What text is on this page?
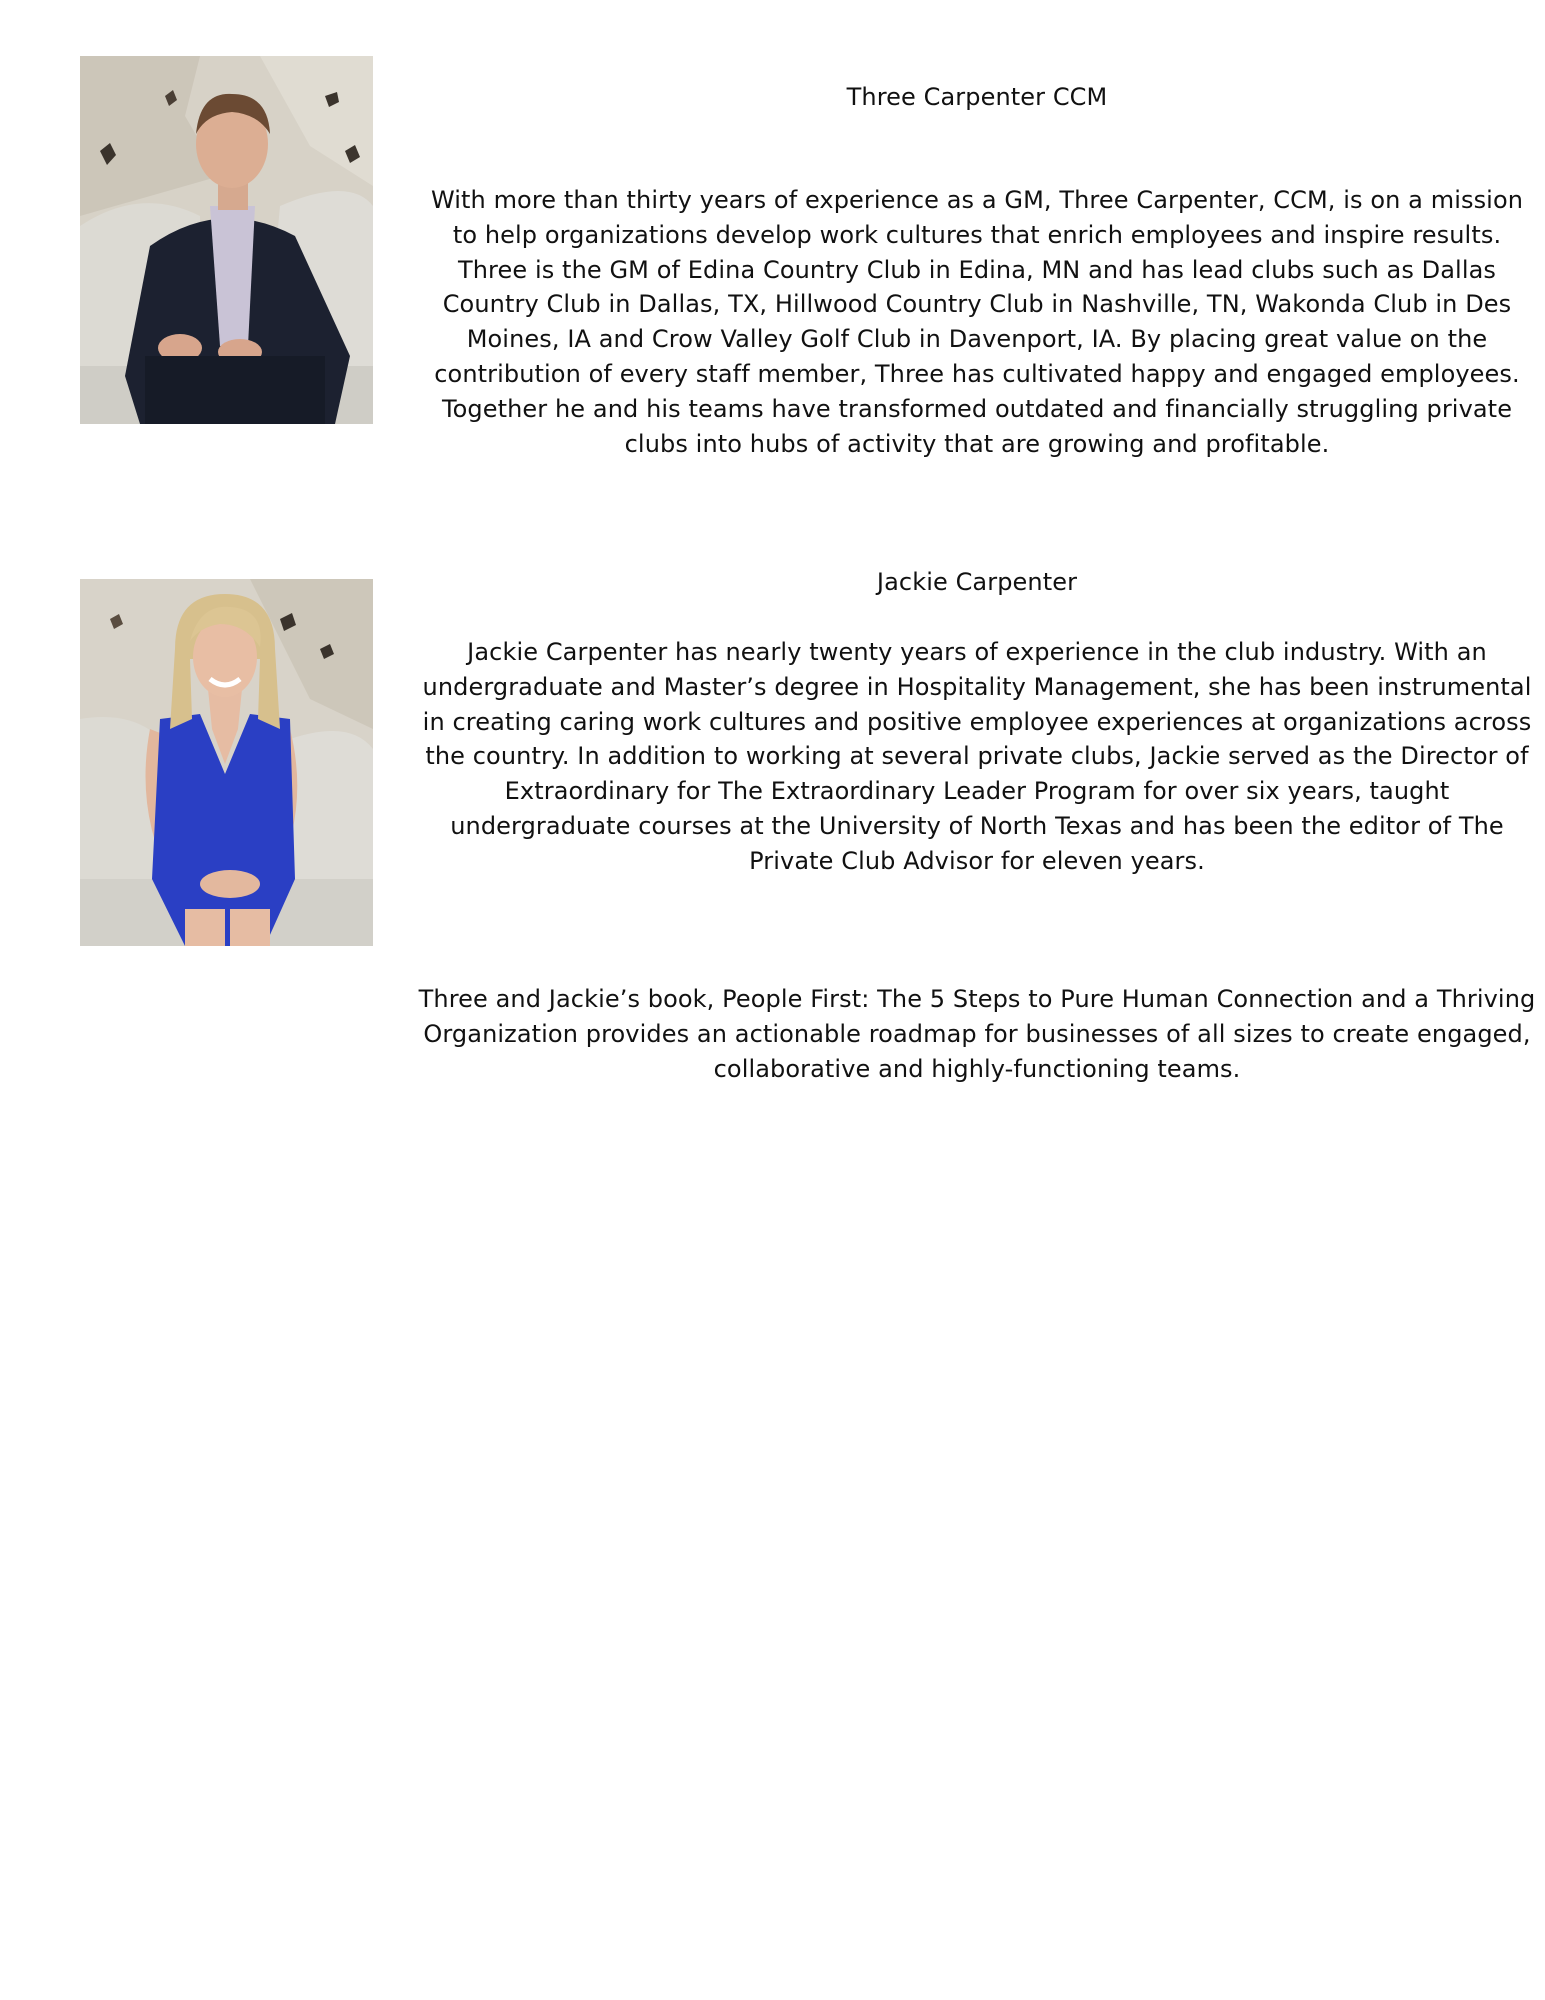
Three Carpenter CCM

With more than thirty years of experience as a GM, Three Carpenter, CCM, is on a mission to help organizations develop work cultures that enrich employees and inspire results. Three is the GM of Edina Country Club in Edina, MN and has lead clubs such as Dallas Country Club in Dallas, TX, Hillwood Country Club in Nashville, TN, Wakonda Club in Des Moines, IA and Crow Valley Golf Club in Davenport, IA. By placing great value on the contribution of every staff member, Three has cultivated happy and engaged employees. Together he and his teams have transformed outdated and financially struggling private clubs into hubs of activity that are growing and profitable.

Jackie Carpenter

Jackie Carpenter has nearly twenty years of experience in the club industry. With an undergraduate and Master’s degree in Hospitality Management, she has been instrumental in creating caring work cultures and positive employee experiences at organizations across the country. In addition to working at several private clubs, Jackie served as the Director of Extraordinary for The Extraordinary Leader Program for over six years, taught undergraduate courses at the University of North Texas and has been the editor of The Private Club Advisor for eleven years.

Three and Jackie’s book, People First: The 5 Steps to Pure Human Connection and a Thriving Organization provides an actionable roadmap for businesses of all sizes to create engaged, collaborative and highly-functioning teams.
